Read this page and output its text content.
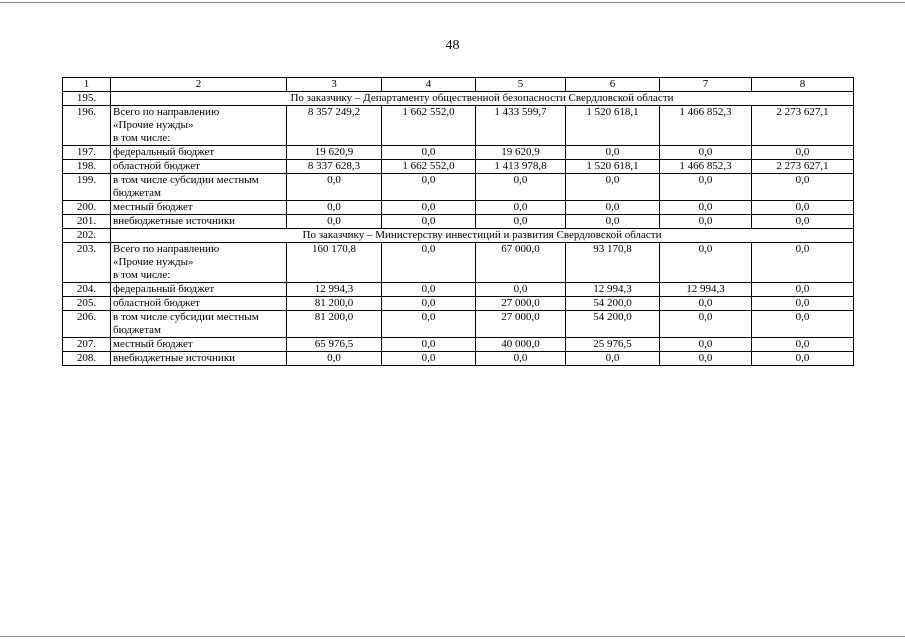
48
1	2	3	4	5	6	7	8
195.	По заказчику – Департаменту общественной безопасности Свердловской области						
196.	Всего по направлению
«Прочие нужды»
в том числе:	8 357 249,2	1 662 552,0	1 433 599,7	1 520 618,1	1 466 852,3	2 273 627,1
197.	федеральный бюджет	19 620,9	0,0	19 620,9	0,0	0,0	0,0
198.	областной бюджет	8 337 628,3	1 662 552,0	1 413 978,8	1 520 618,1	1 466 852,3	2 273 627,1
199.	в том числе субсидии местным
бюджетам	0,0	0,0	0,0	0,0	0,0	0,0
200.	местный бюджет	0,0	0,0	0,0	0,0	0,0	0,0
201.	внебюджетные источники	0,0	0,0	0,0	0,0	0,0	0,0
202.	По заказчику – Министерству инвестиций и развития Свердловской области						
203.	Всего по направлению
«Прочие нужды»
в том числе:	160 170,8	0,0	67 000,0	93 170,8	0,0	0,0
204.	федеральный бюджет	12 994,3	0,0	0,0	12 994,3	12 994,3	0,0
205.	областной бюджет	81 200,0	0,0	27 000,0	54 200,0	0,0	0,0
206.	в том числе субсидии местным
бюджетам	81 200,0	0,0	27 000,0	54 200,0	0,0	0,0
207.	местный бюджет	65 976,5	0,0	40 000,0	25 976,5	0,0	0,0
208.	внебюджетные источники	0,0	0,0	0,0	0,0	0,0	0,0
